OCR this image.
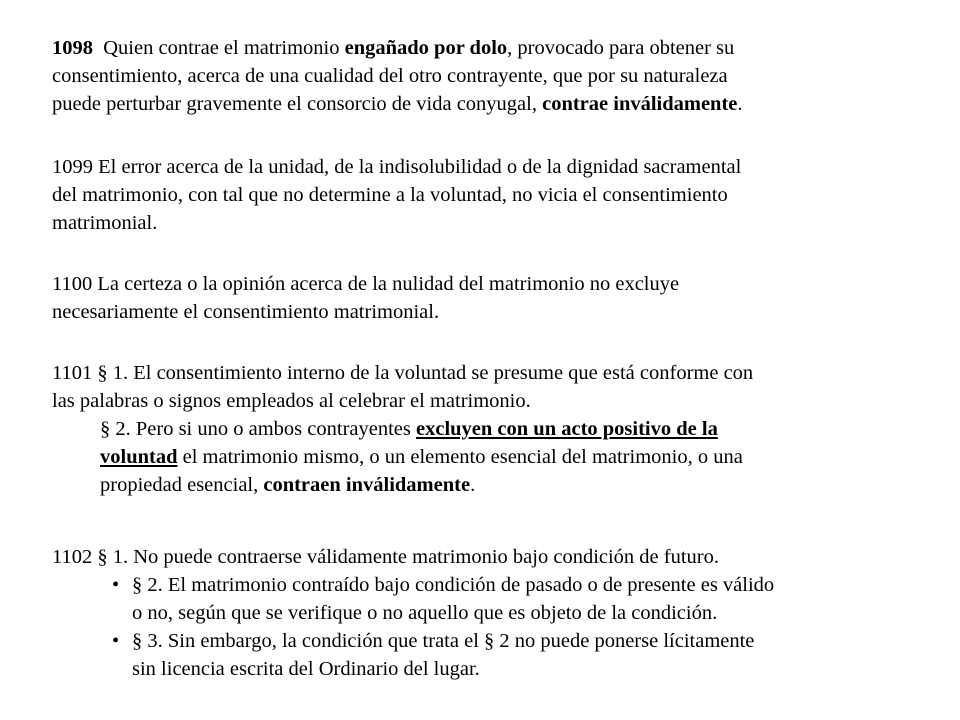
1098 Quien contrae el matrimonio engañado por dolo, provocado para obtener su
consentimiento, acerca de una cualidad del otro contrayente, que por su naturaleza
puede perturbar gravemente el consorcio de vida conyugal, contrae inválidamente.
1099 El error acerca de la unidad, de la indisolubilidad o de la dignidad sacramental
del matrimonio, con tal que no determine a la voluntad, no vicia el consentimiento
matrimonial.
1100 La certeza o la opinión acerca de la nulidad del matrimonio no excluye
necesariamente el consentimiento matrimonial.
1101 § 1. El consentimiento interno de la voluntad se presume que está conforme con
las palabras o signos empleados al celebrar el matrimonio.
§ 2. Pero si uno o ambos contrayentes excluyen con un acto positivo de la
voluntad el matrimonio mismo, o un elemento esencial del matrimonio, o una
propiedad esencial, contraen inválidamente.
1102 § 1. No puede contraerse válidamente matrimonio bajo condición de futuro.
• § 2. El matrimonio contraído bajo condición de pasado o de presente es válido
o no, según que se verifique o no aquello que es objeto de la condición.
• § 3. Sin embargo, la condición que trata el § 2 no puede ponerse lícitamente
sin licencia escrita del Ordinario del lugar.
